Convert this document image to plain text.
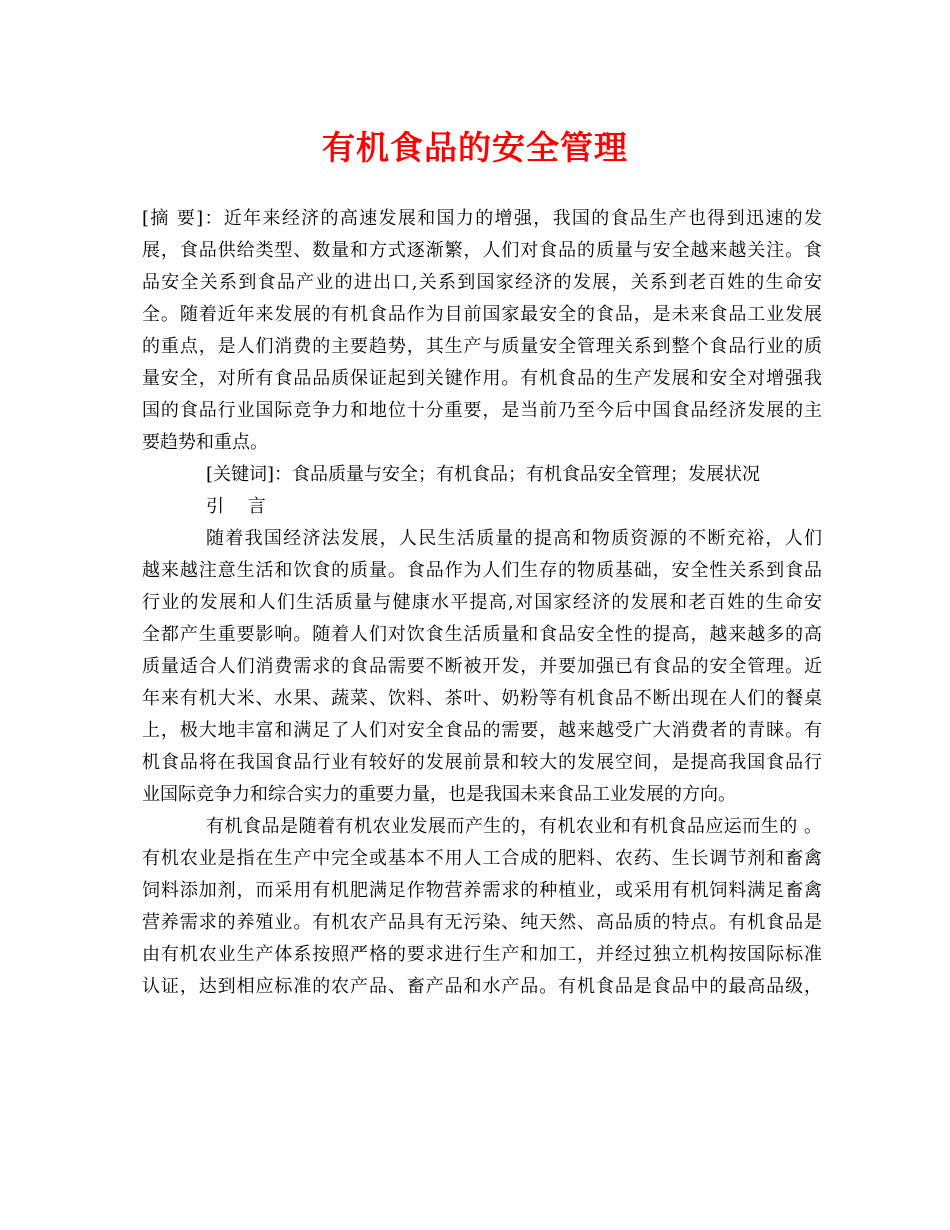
有机食品的安全管理
[摘 要]：近年来经济的高速发展和国力的增强，我国的食品生产也得到迅速的发
展，食品供给类型、数量和方式逐渐繁，人们对食品的质量与安全越来越关注。食
品安全关系到食品产业的进出口,关系到国家经济的发展，关系到老百姓的生命安
全。随着近年来发展的有机食品作为目前国家最安全的食品，是未来食品工业发展
的重点，是人们消费的主要趋势，其生产与质量安全管理关系到整个食品行业的质
量安全，对所有食品品质保证起到关键作用。有机食品的生产发展和安全对增强我
国的食品行业国际竞争力和地位十分重要，是当前乃至今后中国食品经济发展的主
要趋势和重点。
[关键词]：食品质量与安全；有机食品；有机食品安全管理；发展状况
引　 言
随着我国经济法发展，人民生活质量的提高和物质资源的不断充裕，人们
越来越注意生活和饮食的质量。食品作为人们生存的物质基础，安全性关系到食品
行业的发展和人们生活质量与健康水平提高,对国家经济的发展和老百姓的生命安
全都产生重要影响。随着人们对饮食生活质量和食品安全性的提高，越来越多的高
质量适合人们消费需求的食品需要不断被开发，并要加强已有食品的安全管理。近
年来有机大米、水果、蔬菜、饮料、茶叶、奶粉等有机食品不断出现在人们的餐桌
上，极大地丰富和满足了人们对安全食品的需要，越来越受广大消费者的青睐。有
机食品将在我国食品行业有较好的发展前景和较大的发展空间，是提高我国食品行
业国际竞争力和综合实力的重要力量，也是我国未来食品工业发展的方向。
有机食品是随着有机农业发展而产生的，有机农业和有机食品应运而生的 。
有机农业是指在生产中完全或基本不用人工合成的肥料、农药、生长调节剂和畜禽
饲料添加剂，而采用有机肥满足作物营养需求的种植业，或采用有机饲料满足畜禽
营养需求的养殖业。有机农产品具有无污染、纯天然、高品质的特点。有机食品是
由有机农业生产体系按照严格的要求进行生产和加工，并经过独立机构按国际标准
认证，达到相应标准的农产品、畜产品和水产品。有机食品是食品中的最高品级，
